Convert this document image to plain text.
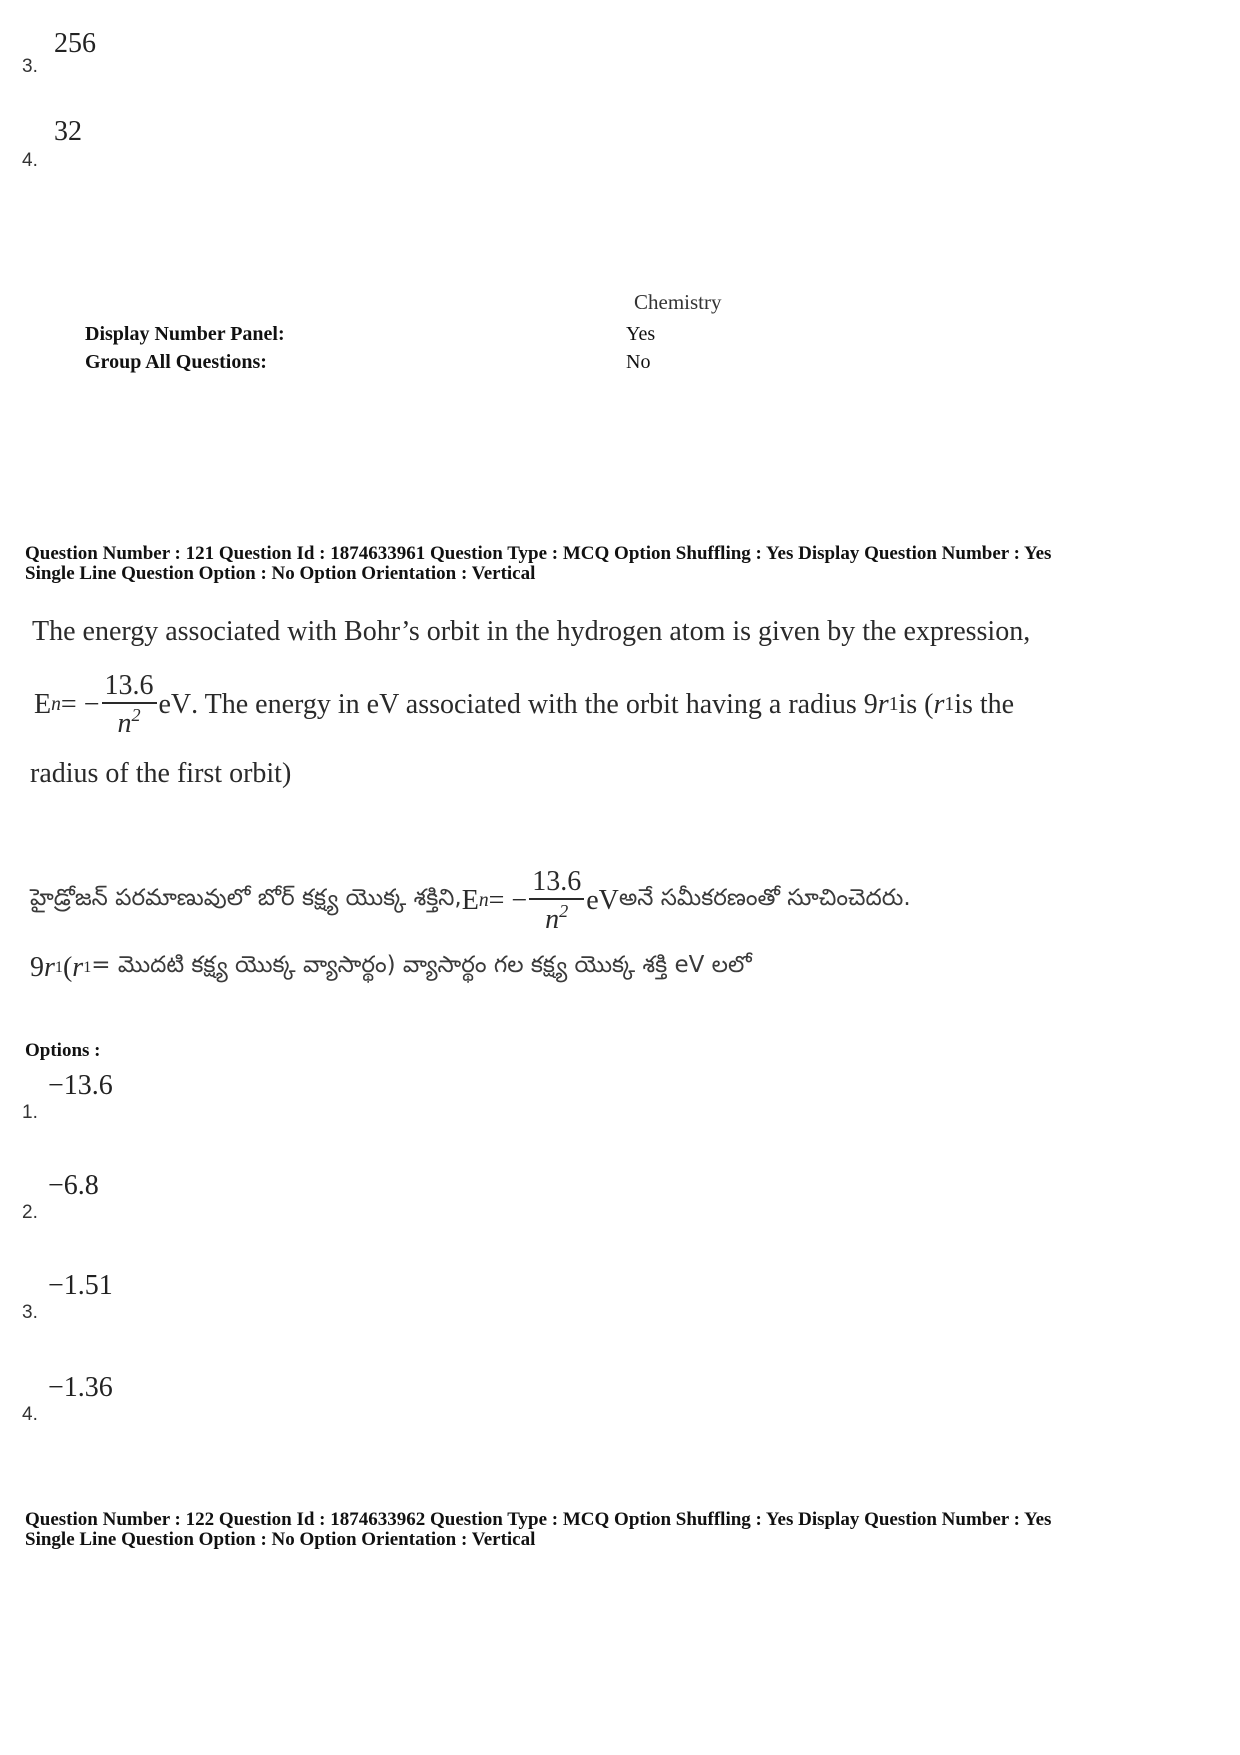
256
3.
32
4.
Chemistry
Display Number Panel:	Yes
Group All Questions:	No
Question Number : 121 Question Id : 1874633961 Question Type : MCQ Option Shuffling : Yes Display Question Number : Yes
Single Line Question Option : No Option Orientation : Vertical
The energy associated with Bohr’s orbit in the hydrogen atom is given by the expression,
E n = − $\frac{13.6}{n^2}$ eV . The energy in eV associated with the orbit having a radius 9 r 1 is ( r 1 is the
radius of the first orbit)
హైడ్రోజన్ పరమాణువులో బోర్ కక్ష్య యొక్క శక్తిని, E n = − $\frac{13.6}{n^2}$ eV అనే సమీకరణంతో సూచించెదరు.
9 r 1 ( r 1 = మొదటి కక్ష్య యొక్క వ్యాసార్థం) వ్యాసార్థం గల కక్ష్య యొక్క శక్తి eV లలో
Options :
−13.6
1.
−6.8
2.
−1.51
3.
−1.36
4.
Question Number : 122 Question Id : 1874633962 Question Type : MCQ Option Shuffling : Yes Display Question Number : Yes
Single Line Question Option : No Option Orientation : Vertical
